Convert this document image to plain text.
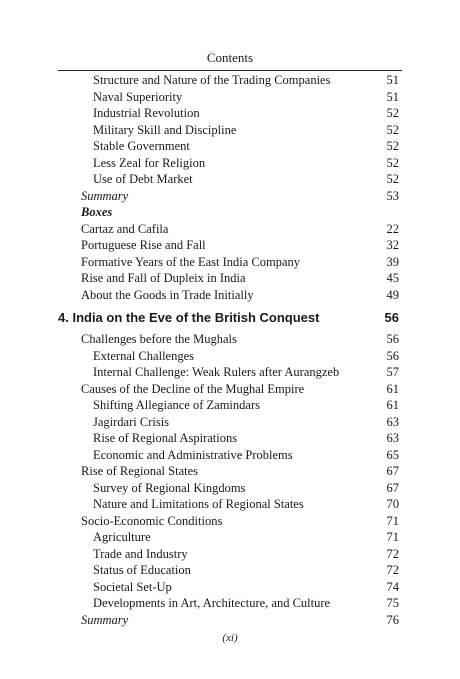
Contents
Structure and Nature of the Trading Companies	51
Naval Superiority	51
Industrial Revolution	52
Military Skill and Discipline	52
Stable Government	52
Less Zeal for Religion	52
Use of Debt Market	52
Summary	53
Boxes
Cartaz and Cafila	22
Portuguese Rise and Fall	32
Formative Years of the East India Company	39
Rise and Fall of Dupleix in India	45
About the Goods in Trade Initially	49
4. India on the Eve of the British Conquest	56
Challenges before the Mughals	56
External Challenges	56
Internal Challenge: Weak Rulers after Aurangzeb	57
Causes of the Decline of the Mughal Empire	61
Shifting Allegiance of Zamindars	61
Jagirdari Crisis	63
Rise of Regional Aspirations	63
Economic and Administrative Problems	65
Rise of Regional States	67
Survey of Regional Kingdoms	67
Nature and Limitations of Regional States	70
Socio-Economic Conditions	71
Agriculture	71
Trade and Industry	72
Status of Education	72
Societal Set-Up	74
Developments in Art, Architecture, and Culture	75
Summary	76
(xi)
